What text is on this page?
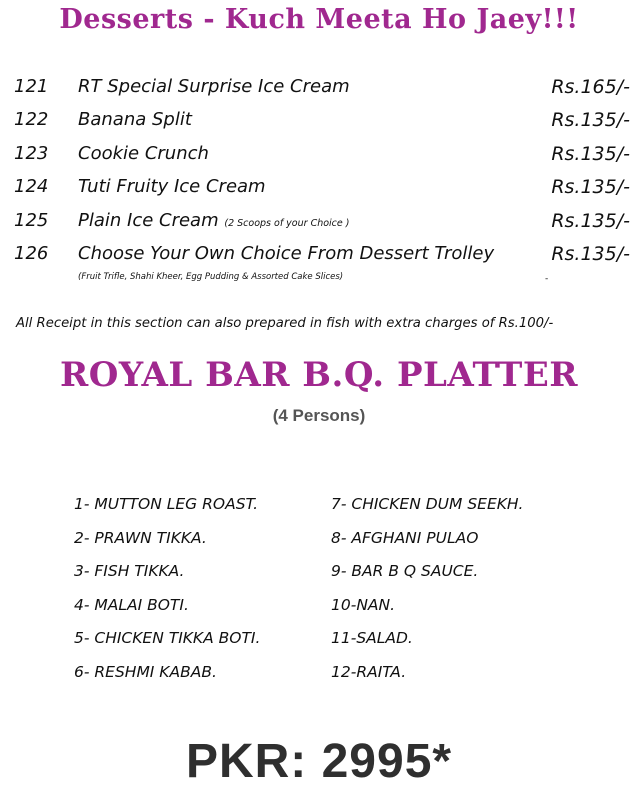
Desserts - Kuch Meeta Ho Jaey!!!
121 RT Special Surprise Ice Cream	Rs.165/-
122 Banana Split	Rs.135/-
123 Cookie Crunch	Rs.135/-
124 Tuti Fruity Ice Cream	Rs.135/-
125 Plain Ice Cream (2 Scoops of your Choice )	Rs.135/-
126 Choose Your Own Choice From Dessert Trolley	Rs.135/-
(Fruit Trifle, Shahi Kheer, Egg Pudding & Assorted Cake Slices)	-
All Receipt in this section can also prepared in fish with extra charges of Rs.100/-
ROYAL BAR B.Q. PLATTER
(4 Persons)
1- MUTTON LEG ROAST.
2- PRAWN TIKKA.
3- FISH TIKKA.
4- MALAI BOTI.
5- CHICKEN TIKKA BOTI.
6- RESHMI KABAB.
7- CHICKEN DUM SEEKH.
8- AFGHANI PULAO
9- BAR B Q SAUCE.
10-NAN.
11-SALAD.
12-RAITA.
PKR: 2995*
